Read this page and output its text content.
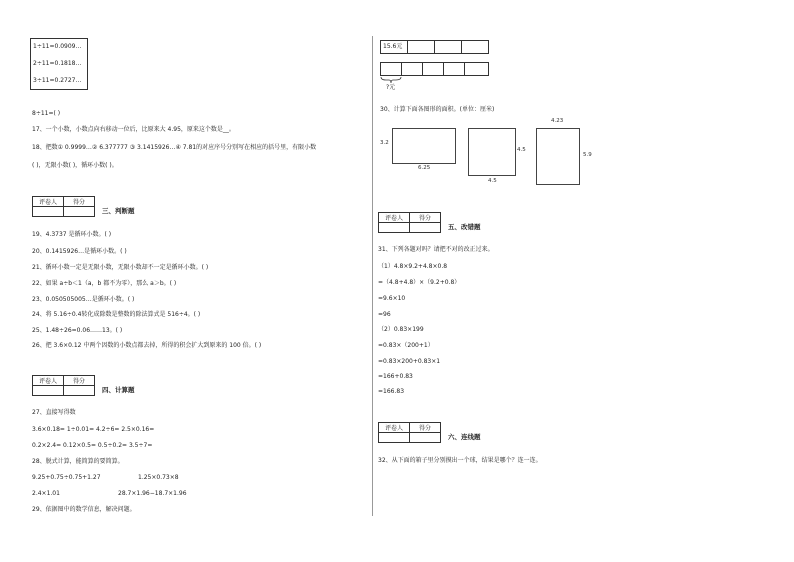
1÷11=0.0909…
2÷11=0.1818…
3÷11=0.2727…
8÷11=( )
17、一个小数，小数点向右移动一位后，比原来大 4.95，原来这个数是__。
18、把数① 0.9999…② 6.377777 ③ 3.1415926…④ 7.8̇1̇的对应序号分别写在相应的括号里，有限小数
( )，无限小数( )，循环小数( )。
评卷人	得分

三、判断题
19、4.3737 是循环小数。( )
20、0.1415926…是循环小数。( )
21、循环小数一定是无限小数，无限小数却不一定是循环小数。( )
22、如果 a÷b＜1（a，b 都不为零），那么 a＞b。( )
23、0.050505005…是循环小数。( )
24、将 5.16÷0.4转化成除数是整数的除法算式是 516÷4。( )
25、1.48÷26=0.06……13。( )
26、把 3.6×0.12 中两个因数的小数点都去掉，所得的积会扩大到原来的 100 倍。( )
评卷人	得分

四、计算题
27、直接写得数
3.6×0.18= 1÷0.01= 4.2÷6= 2.5×0.16=
0.2×2.4= 0.12×0.5= 0.5÷0.2= 3.5÷7=
28、脱式计算，能简算的要简算。
9.25+0.75÷0.75+1.27	1.25×0.73×8
2.4×1.01	28.7×1.96−18.7×1.96
29、依据图中的数学信息，解决问题。
15.6元
?元
30、计算下面各图形的面积。(单位：厘米)
3.2
6.25
4.5
4.5
4.23
5.9
评卷人	得分

五、改错题
31、下列各题对吗？请把不对的改正过来。
（1）4.8×9.2+4.8×0.8
=（4.8+4.8）×（9.2+0.8）
=9.6×10
=96
（2）0.83×199
=0.83×（200+1）
=0.83×200+0.83×1
=166+0.83
=166.83
评卷人	得分

六、连线题
32、从下面的箱子里分别摸出一个球，结果是哪个？连一连。
